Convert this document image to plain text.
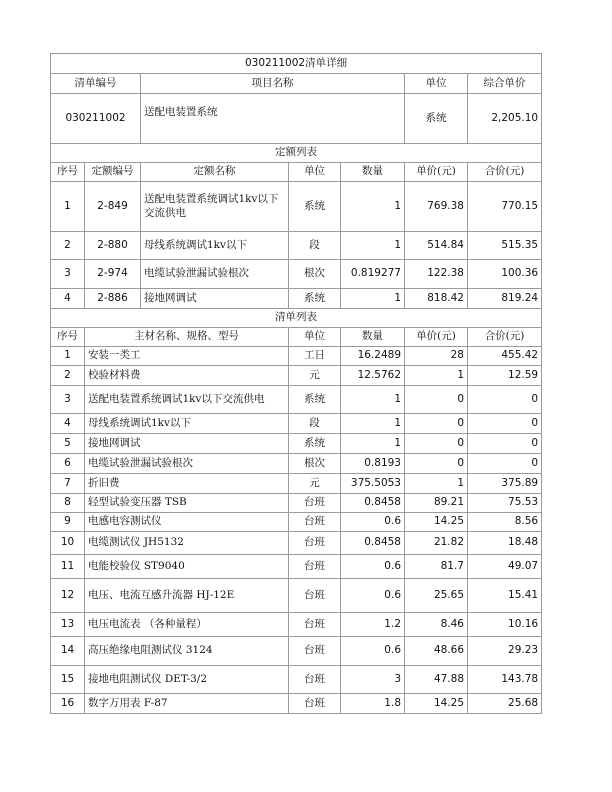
030211002清单详细						
清单编号		项目名称			单位	综合单价
030211002		送配电装置系统			系统	2,205.10
定额列表						
序号	定额编号	定额名称	单位	数量	单价(元)	合价(元)
1	2-849	送配电装置系统调试1kv以下交流供电	系统	1	769.38	770.15
2	2-880	母线系统调试1kv以下	段	1	514.84	515.35
3	2-974	电缆试验泄漏试验根次	根次	0.819277	122.38	100.36
4	2-886	接地网调试	系统	1	818.42	819.24
清单列表						
序号	主材名称、规格、型号		单位	数量	单价(元)	合价(元)
1	安装一类工		工日	16.2489	28	455.42
2	校验材料费		元	12.5762	1	12.59
3	送配电装置系统调试1kv以下交流供电		系统	1	0	0
4	母线系统调试1kv以下		段	1	0	0
5	接地网调试		系统	1	0	0
6	电缆试验泄漏试验根次		根次	0.8193	0	0
7	折旧费		元	375.5053	1	375.89
8	轻型试验变压器 TSB		台班	0.8458	89.21	75.53
9	电感电容测试仪		台班	0.6	14.25	8.56
10	电缆测试仪 JH5132		台班	0.8458	21.82	18.48
11	电能校验仪 ST9040		台班	0.6	81.7	49.07
12	电压、电流互感升流器 HJ-12E		台班	0.6	25.65	15.41
13	电压电流表 （各种量程）		台班	1.2	8.46	10.16
14	高压绝缘电阻测试仪 3124		台班	0.6	48.66	29.23
15	接地电阻测试仪 DET-3/2		台班	3	47.88	143.78
16	数字万用表 F-87		台班	1.8	14.25	25.68
